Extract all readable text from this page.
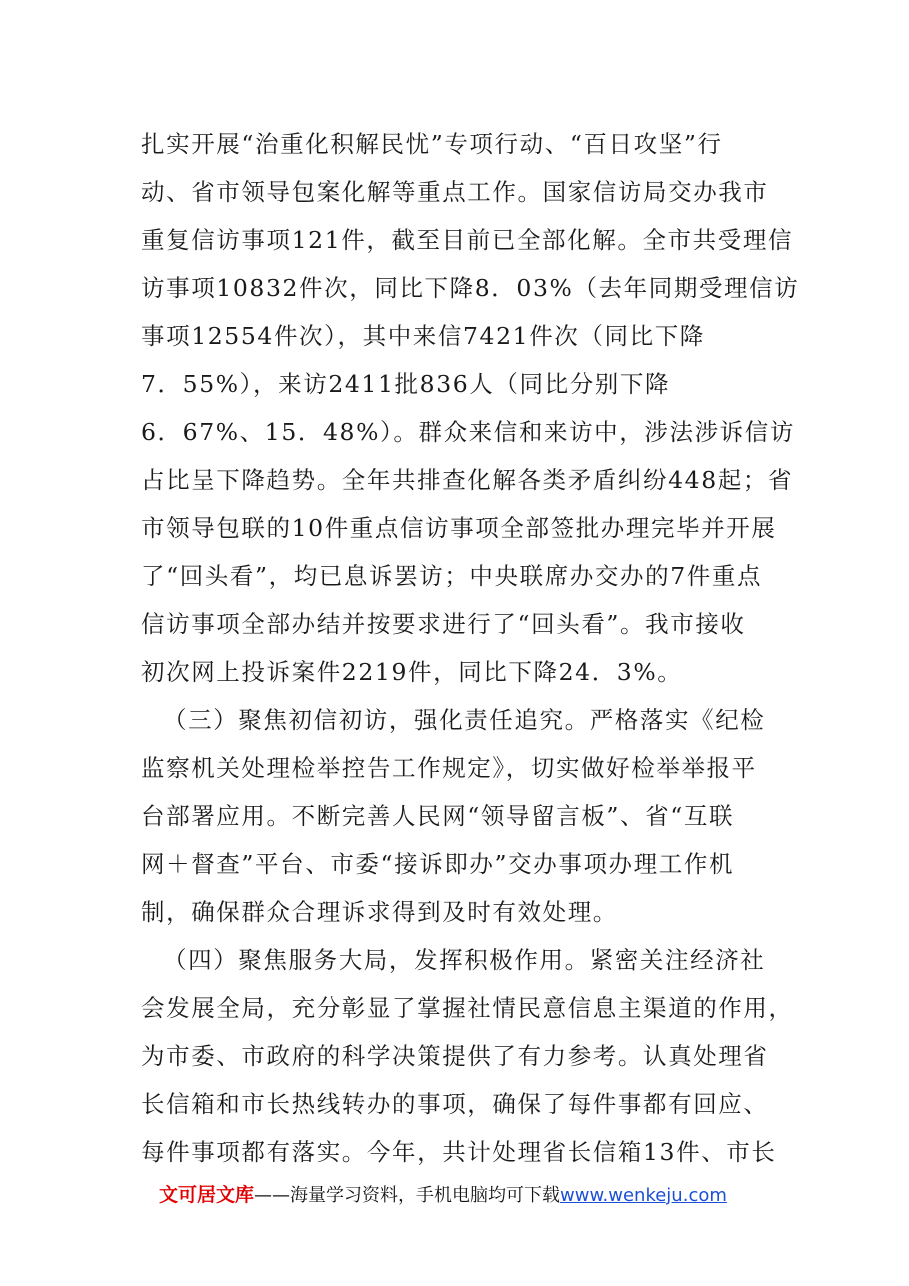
扎实开展“治重化积解民忧”专项行动、“百日攻坚”行
动、省市领导包案化解等重点工作。国家信访局交办我市
重复信访事项121件，截至目前已全部化解。全市共受理信
访事项10832件次，同比下降8．03%（去年同期受理信访
事项12554件次），其中来信7421件次（同比下降
7．55%），来访2411批836人（同比分别下降
6．67%、15．48%）。群众来信和来访中，涉法涉诉信访
占比呈下降趋势。全年共排查化解各类矛盾纠纷448起；省
市领导包联的10件重点信访事项全部签批办理完毕并开展
了“回头看”，均已息诉罢访；中央联席办交办的7件重点
信访事项全部办结并按要求进行了“回头看”。我市接收
初次网上投诉案件2219件，同比下降24．3%。
（三）聚焦初信初访，强化责任追究。严格落实《纪检
监察机关处理检举控告工作规定》，切实做好检举举报平
台部署应用。不断完善人民网“领导留言板”、省“互联
网＋督查”平台、市委“接诉即办”交办事项办理工作机
制，确保群众合理诉求得到及时有效处理。
（四）聚焦服务大局，发挥积极作用。紧密关注经济社
会发展全局，充分彰显了掌握社情民意信息主渠道的作用，
为市委、市政府的科学决策提供了有力参考。认真处理省
长信箱和市长热线转办的事项，确保了每件事都有回应、
每件事项都有落实。今年，共计处理省长信箱13件、市长
文可居文库——海量学习资料，手机电脑均可下载www.wenkeju.com
